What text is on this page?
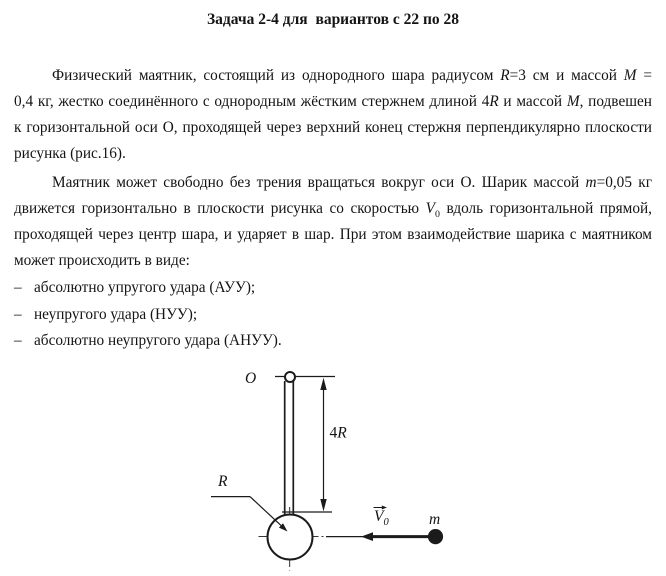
Задача 2-4 для  вариантов с 22 по 28
Физический маятник, состоящий из однородного шара радиусом R=3 см и массой M =
0,4 кг, жестко соединённого с однородным жёстким стержнем длиной 4R и массой M, подвешен
к горизонтальной оси О, проходящей через верхний конец стержня перпендикулярно плоскости
рисунка (рис.16).
Маятник может свободно без трения вращаться вокруг оси О. Шарик массой m=0,05 кг
движется горизонтально в плоскости рисунка со скоростью $V_0$ вдоль горизонтальной прямой,
проходящей через центр шара, и ударяет в шар. При этом взаимодействие шарика с маятником
может происходить в виде:
– абсолютно упругого удара (АУУ);
– неупругого удара (НУУ);
– абсолютно неупругого удара (АНУУ).
O
4R
R
$V_0$	m
